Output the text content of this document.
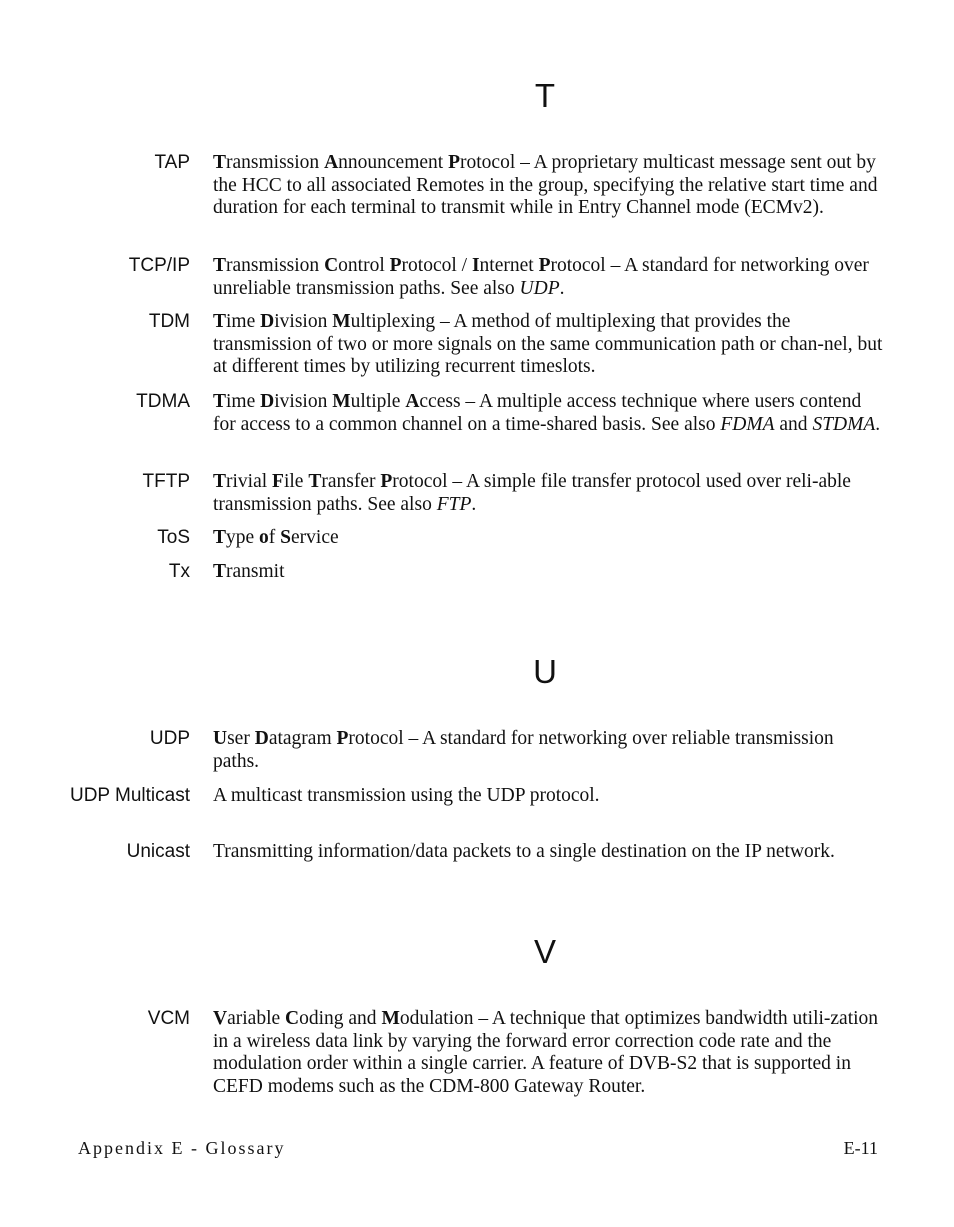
T
TAP Transmission Announcement Protocol – A proprietary multicast message sent out by the HCC to all associated Remotes in the group, specifying the relative start time and duration for each terminal to transmit while in Entry Channel mode (ECMv2).
TCP/IP Transmission Control Protocol / Internet Protocol – A standard for networking over unreliable transmission paths. See also UDP.
TDM Time Division Multiplexing – A method of multiplexing that provides the transmission of two or more signals on the same communication path or chan-nel, but at different times by utilizing recurrent timeslots.
TDMA Time Division Multiple Access – A multiple access technique where users contend for access to a common channel on a time-shared basis. See also FDMA and STDMA.
TFTP Trivial File Transfer Protocol – A simple file transfer protocol used over reli-able transmission paths. See also FTP.
ToS Type of Service
Tx Transmit
U
UDP User Datagram Protocol – A standard for networking over reliable transmission paths.
UDP Multicast A multicast transmission using the UDP protocol.
Unicast Transmitting information/data packets to a single destination on the IP network.
V
VCM Variable Coding and Modulation – A technique that optimizes bandwidth utili-zation in a wireless data link by varying the forward error correction code rate and the modulation order within a single carrier. A feature of DVB-S2 that is supported in CEFD modems such as the CDM-800 Gateway Router.
Appendix E - Glossary	E-11
